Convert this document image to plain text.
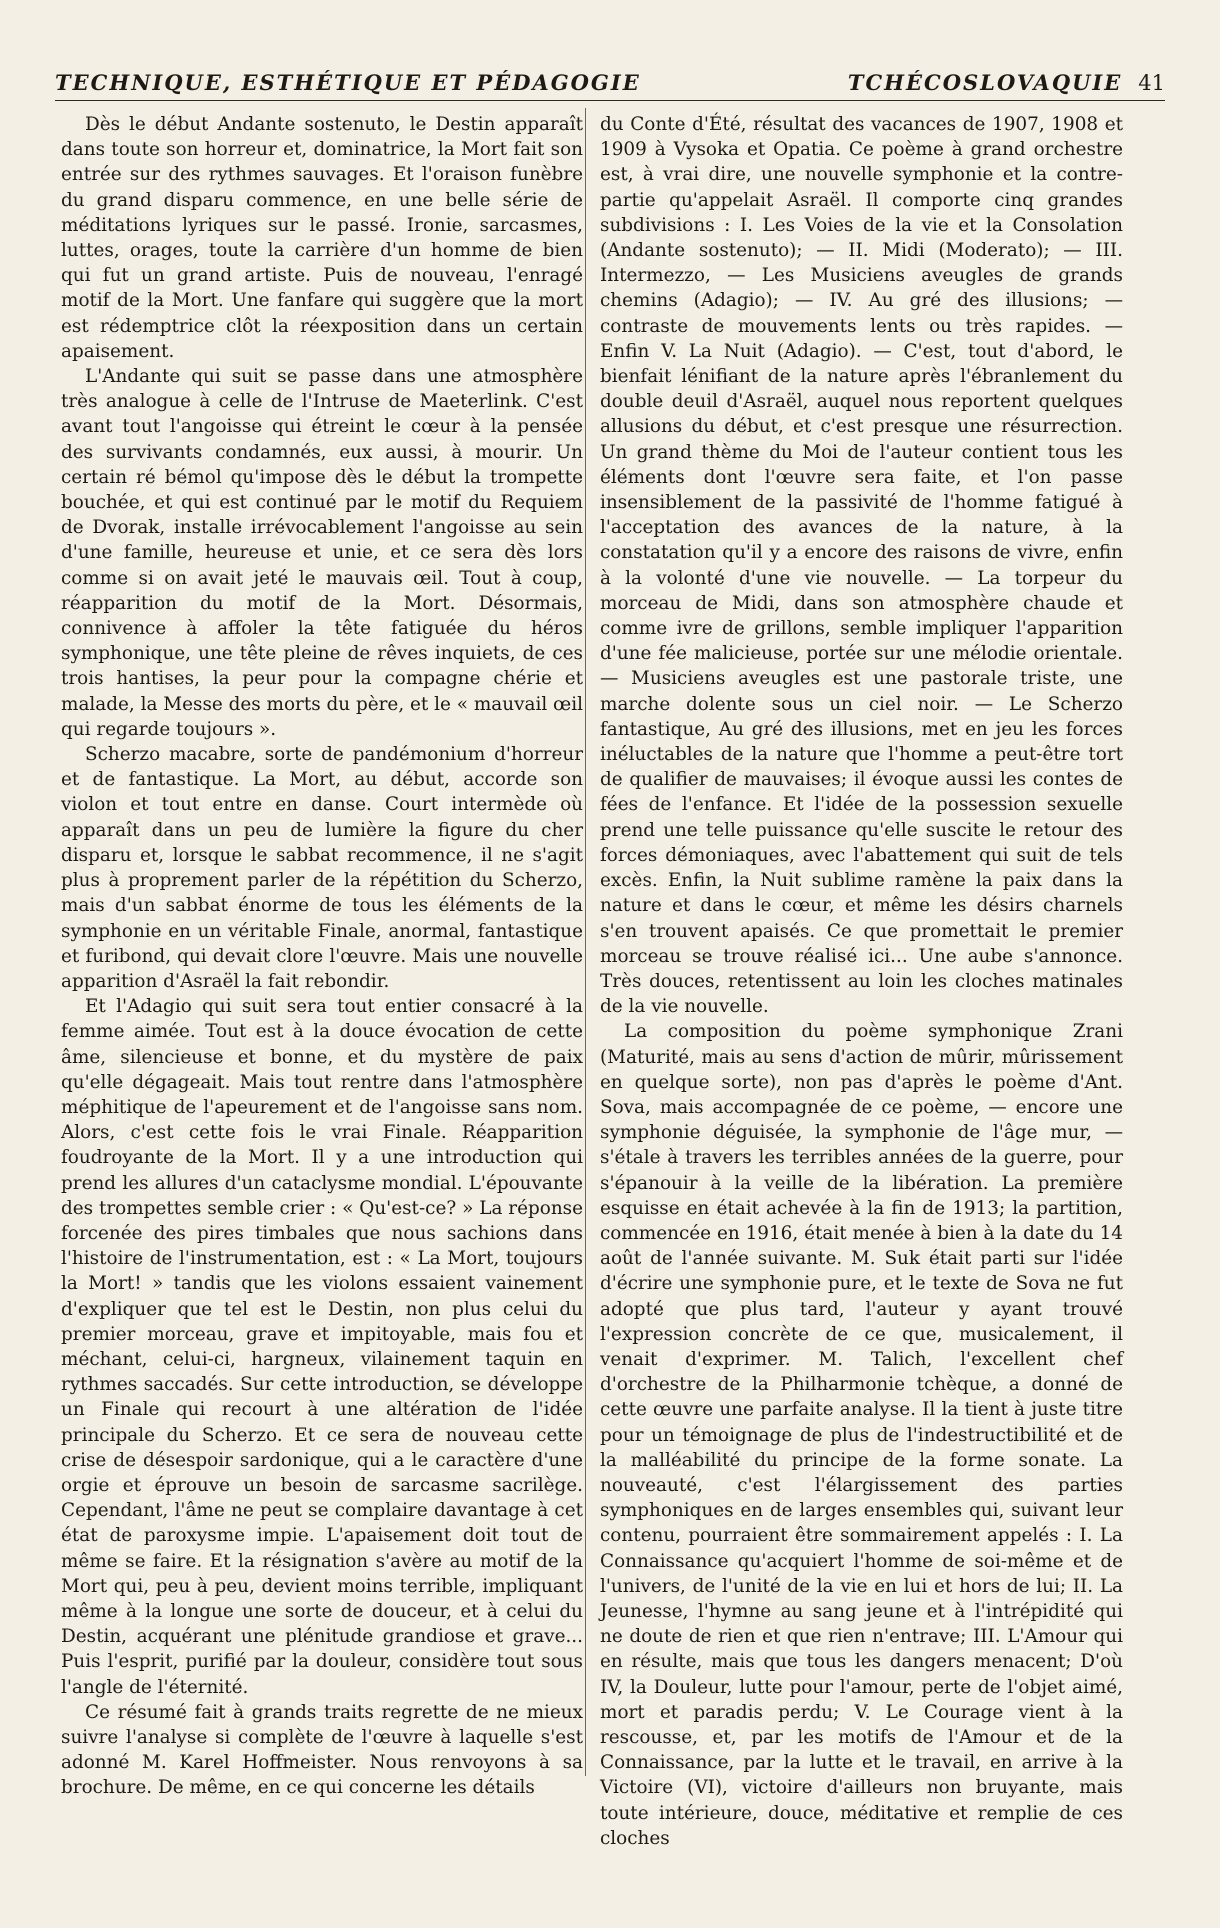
TECHNIQUE, ESTHÉTIQUE ET PÉDAGOGIE	TCHÉCOSLOVAQUIE 41

Dès le début Andante sostenuto, le Destin apparaît dans toute son horreur et, dominatrice, la Mort fait son entrée sur des rythmes sauvages. Et l'oraison funèbre du grand disparu commence, en une belle série de méditations lyriques sur le passé. Ironie, sarcasmes, luttes, orages, toute la carrière d'un homme de bien qui fut un grand artiste. Puis de nouveau, l'enragé motif de la Mort. Une fanfare qui suggère que la mort est rédemptrice clôt la réexposition dans un certain apaisement.

L'Andante qui suit se passe dans une atmosphère très analogue à celle de l'Intruse de Maeterlink. C'est avant tout l'angoisse qui étreint le cœur à la pensée des survivants condamnés, eux aussi, à mourir. Un certain ré bémol qu'impose dès le début la trompette bouchée, et qui est continué par le motif du Requiem de Dvorak, installe irrévocablement l'angoisse au sein d'une famille, heureuse et unie, et ce sera dès lors comme si on avait jeté le mauvais œil. Tout à coup, réapparition du motif de la Mort. Désormais, connivence à affoler la tête fatiguée du héros symphonique, une tête pleine de rêves inquiets, de ces trois hantises, la peur pour la compagne chérie et malade, la Messe des morts du père, et le « mauvail œil qui regarde toujours ».

Scherzo macabre, sorte de pandémonium d'horreur et de fantastique. La Mort, au début, accorde son violon et tout entre en danse. Court intermède où apparaît dans un peu de lumière la figure du cher disparu et, lorsque le sabbat recommence, il ne s'agit plus à proprement parler de la répétition du Scherzo, mais d'un sabbat énorme de tous les éléments de la symphonie en un véritable Finale, anormal, fantastique et furibond, qui devait clore l'œuvre. Mais une nouvelle apparition d'Asraël la fait rebondir.

Et l'Adagio qui suit sera tout entier consacré à la femme aimée. Tout est à la douce évocation de cette âme, silencieuse et bonne, et du mystère de paix qu'elle dégageait. Mais tout rentre dans l'atmosphère méphitique de l'apeurement et de l'angoisse sans nom. Alors, c'est cette fois le vrai Finale. Réapparition foudroyante de la Mort. Il y a une introduction qui prend les allures d'un cataclysme mondial. L'épouvante des trompettes semble crier : « Qu'est-ce? » La réponse forcenée des pires timbales que nous sachions dans l'histoire de l'instrumentation, est : « La Mort, toujours la Mort! » tandis que les violons essaient vainement d'expliquer que tel est le Destin, non plus celui du premier morceau, grave et impitoyable, mais fou et méchant, celui-ci, hargneux, vilainement taquin en rythmes saccadés. Sur cette introduction, se développe un Finale qui recourt à une altération de l'idée principale du Scherzo. Et ce sera de nouveau cette crise de désespoir sardonique, qui a le caractère d'une orgie et éprouve un besoin de sarcasme sacrilège. Cependant, l'âme ne peut se complaire davantage à cet état de paroxysme impie. L'apaisement doit tout de même se faire. Et la résignation s'avère au motif de la Mort qui, peu à peu, devient moins terrible, impliquant même à la longue une sorte de douceur, et à celui du Destin, acquérant une plénitude grandiose et grave... Puis l'esprit, purifié par la douleur, considère tout sous l'angle de l'éternité.

Ce résumé fait à grands traits regrette de ne mieux suivre l'analyse si complète de l'œuvre à laquelle s'est adonné M. Karel Hoffmeister. Nous renvoyons à sa brochure. De même, en ce qui concerne les détails

du Conte d'Été, résultat des vacances de 1907, 1908 et 1909 à Vysoka et Opatia. Ce poème à grand orchestre est, à vrai dire, une nouvelle symphonie et la contre-partie qu'appelait Asraël. Il comporte cinq grandes subdivisions : I. Les Voies de la vie et la Consolation (Andante sostenuto); — II. Midi (Moderato); — III. Intermezzo, — Les Musiciens aveugles de grands chemins (Adagio); — IV. Au gré des illusions; — contraste de mouvements lents ou très rapides. — Enfin V. La Nuit (Adagio). — C'est, tout d'abord, le bienfait lénifiant de la nature après l'ébranlement du double deuil d'Asraël, auquel nous reportent quelques allusions du début, et c'est presque une résurrection. Un grand thème du Moi de l'auteur contient tous les éléments dont l'œuvre sera faite, et l'on passe insensiblement de la passivité de l'homme fatigué à l'acceptation des avances de la nature, à la constatation qu'il y a encore des raisons de vivre, enfin à la volonté d'une vie nouvelle. — La torpeur du morceau de Midi, dans son atmosphère chaude et comme ivre de grillons, semble impliquer l'apparition d'une fée malicieuse, portée sur une mélodie orientale. — Musiciens aveugles est une pastorale triste, une marche dolente sous un ciel noir. — Le Scherzo fantastique, Au gré des illusions, met en jeu les forces inéluctables de la nature que l'homme a peut-être tort de qualifier de mauvaises; il évoque aussi les contes de fées de l'enfance. Et l'idée de la possession sexuelle prend une telle puissance qu'elle suscite le retour des forces démoniaques, avec l'abattement qui suit de tels excès. Enfin, la Nuit sublime ramène la paix dans la nature et dans le cœur, et même les désirs charnels s'en trouvent apaisés. Ce que promettait le premier morceau se trouve réalisé ici... Une aube s'annonce. Très douces, retentissent au loin les cloches matinales de la vie nouvelle.

La composition du poème symphonique Zrani (Maturité, mais au sens d'action de mûrir, mûrissement en quelque sorte), non pas d'après le poème d'Ant. Sova, mais accompagnée de ce poème, — encore une symphonie déguisée, la symphonie de l'âge mur, — s'étale à travers les terribles années de la guerre, pour s'épanouir à la veille de la libération. La première esquisse en était achevée à la fin de 1913; la partition, commencée en 1916, était menée à bien à la date du 14 août de l'année suivante. M. Suk était parti sur l'idée d'écrire une symphonie pure, et le texte de Sova ne fut adopté que plus tard, l'auteur y ayant trouvé l'expression concrète de ce que, musicalement, il venait d'exprimer. M. Talich, l'excellent chef d'orchestre de la Philharmonie tchèque, a donné de cette œuvre une parfaite analyse. Il la tient à juste titre pour un témoignage de plus de l'indestructibilité et de la malléabilité du principe de la forme sonate. La nouveauté, c'est l'élargissement des parties symphoniques en de larges ensembles qui, suivant leur contenu, pourraient être sommairement appelés : I. La Connaissance qu'acquiert l'homme de soi-même et de l'univers, de l'unité de la vie en lui et hors de lui; II. La Jeunesse, l'hymne au sang jeune et à l'intrépidité qui ne doute de rien et que rien n'entrave; III. L'Amour qui en résulte, mais que tous les dangers menacent; D'où IV, la Douleur, lutte pour l'amour, perte de l'objet aimé, mort et paradis perdu; V. Le Courage vient à la rescousse, et, par les motifs de l'Amour et de la Connaissance, par la lutte et le travail, en arrive à la Victoire (VI), victoire d'ailleurs non bruyante, mais toute intérieure, douce, méditative et remplie de ces cloches
